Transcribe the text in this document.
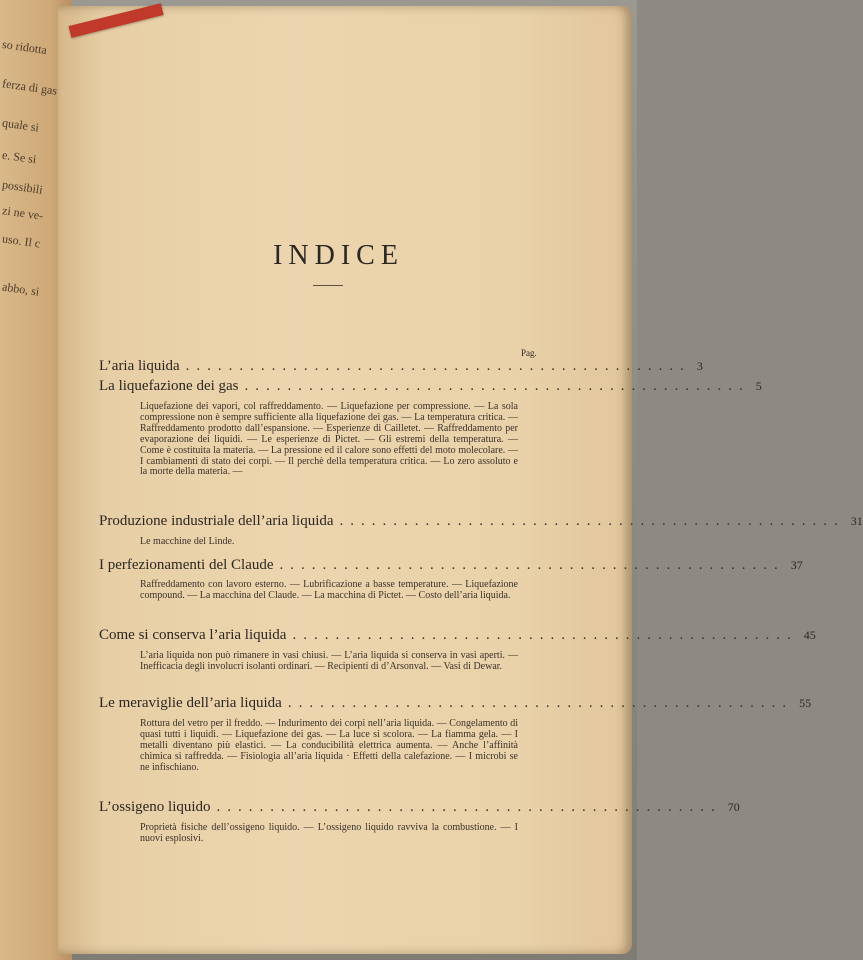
so ridotta
ferza di gas
quale si
e. Se si
possibili
zi ne ve-
uso. Il c
abbo, si
INDICE
Pag.
L’aria liquida ............................................... 3
La liquefazione dei gas ............................................... 5
Liquefazione dei vapori, col raffreddamento. — Liquefazione per compressione. — La sola compressione non è sempre sufficiente alla liquefazione dei gas. — La temperatura critica. — Raffreddamento prodotto dall’espansione. — Esperienze di Cailletet. — Raffreddamento per evaporazione dei liquidi. — Le esperienze di Pictet. — Gli estremi della temperatura. — Come è costituita la materia. — La pressione ed il calore sono effetti del moto molecolare. — I cambiamenti di stato dei corpi. — Il perchè della temperatura critica. — Lo zero assoluto e la morte della materia. —
Produzione industriale dell’aria liquida ............................................... 31
Le macchine del Linde.
I perfezionamenti del Claude ............................................... 37
Raffreddamento con lavoro esterno. — Lubrificazione a basse temperature. — Liquefazione compound. — La macchina del Claude. — La macchina di Pictet. — Costo dell’aria liquida.
Come si conserva l’aria liquida ............................................... 45
L’aria liquida non può rimanere in vasi chiusi. — L’aria liquida si conserva in vasi aperti. — Inefficacia degli involucri isolanti ordinari. — Recipienti di d’Arsonval. — Vasi di Dewar.
Le meraviglie dell’aria liquida ............................................... 55
Rottura del vetro per il freddo. — Indurimento dei corpi nell’aria liquida. — Congelamento di quasi tutti i liquidi. — Liquefazione dei gas. — La luce si scolora. — La fiamma gela. — I metalli diventano più elastici. — La conducibilità elettrica aumenta. — Anche l’affinità chimica si raffredda. — Fisiologia all’aria liquida · Effetti della calefazione. — I microbi se ne infischiano.
L’ossigeno liquido ............................................... 70
Proprietà fisiche dell’ossigeno liquido. — L’ossigeno liquido ravviva la combustione. — I nuovi esplosivi.
